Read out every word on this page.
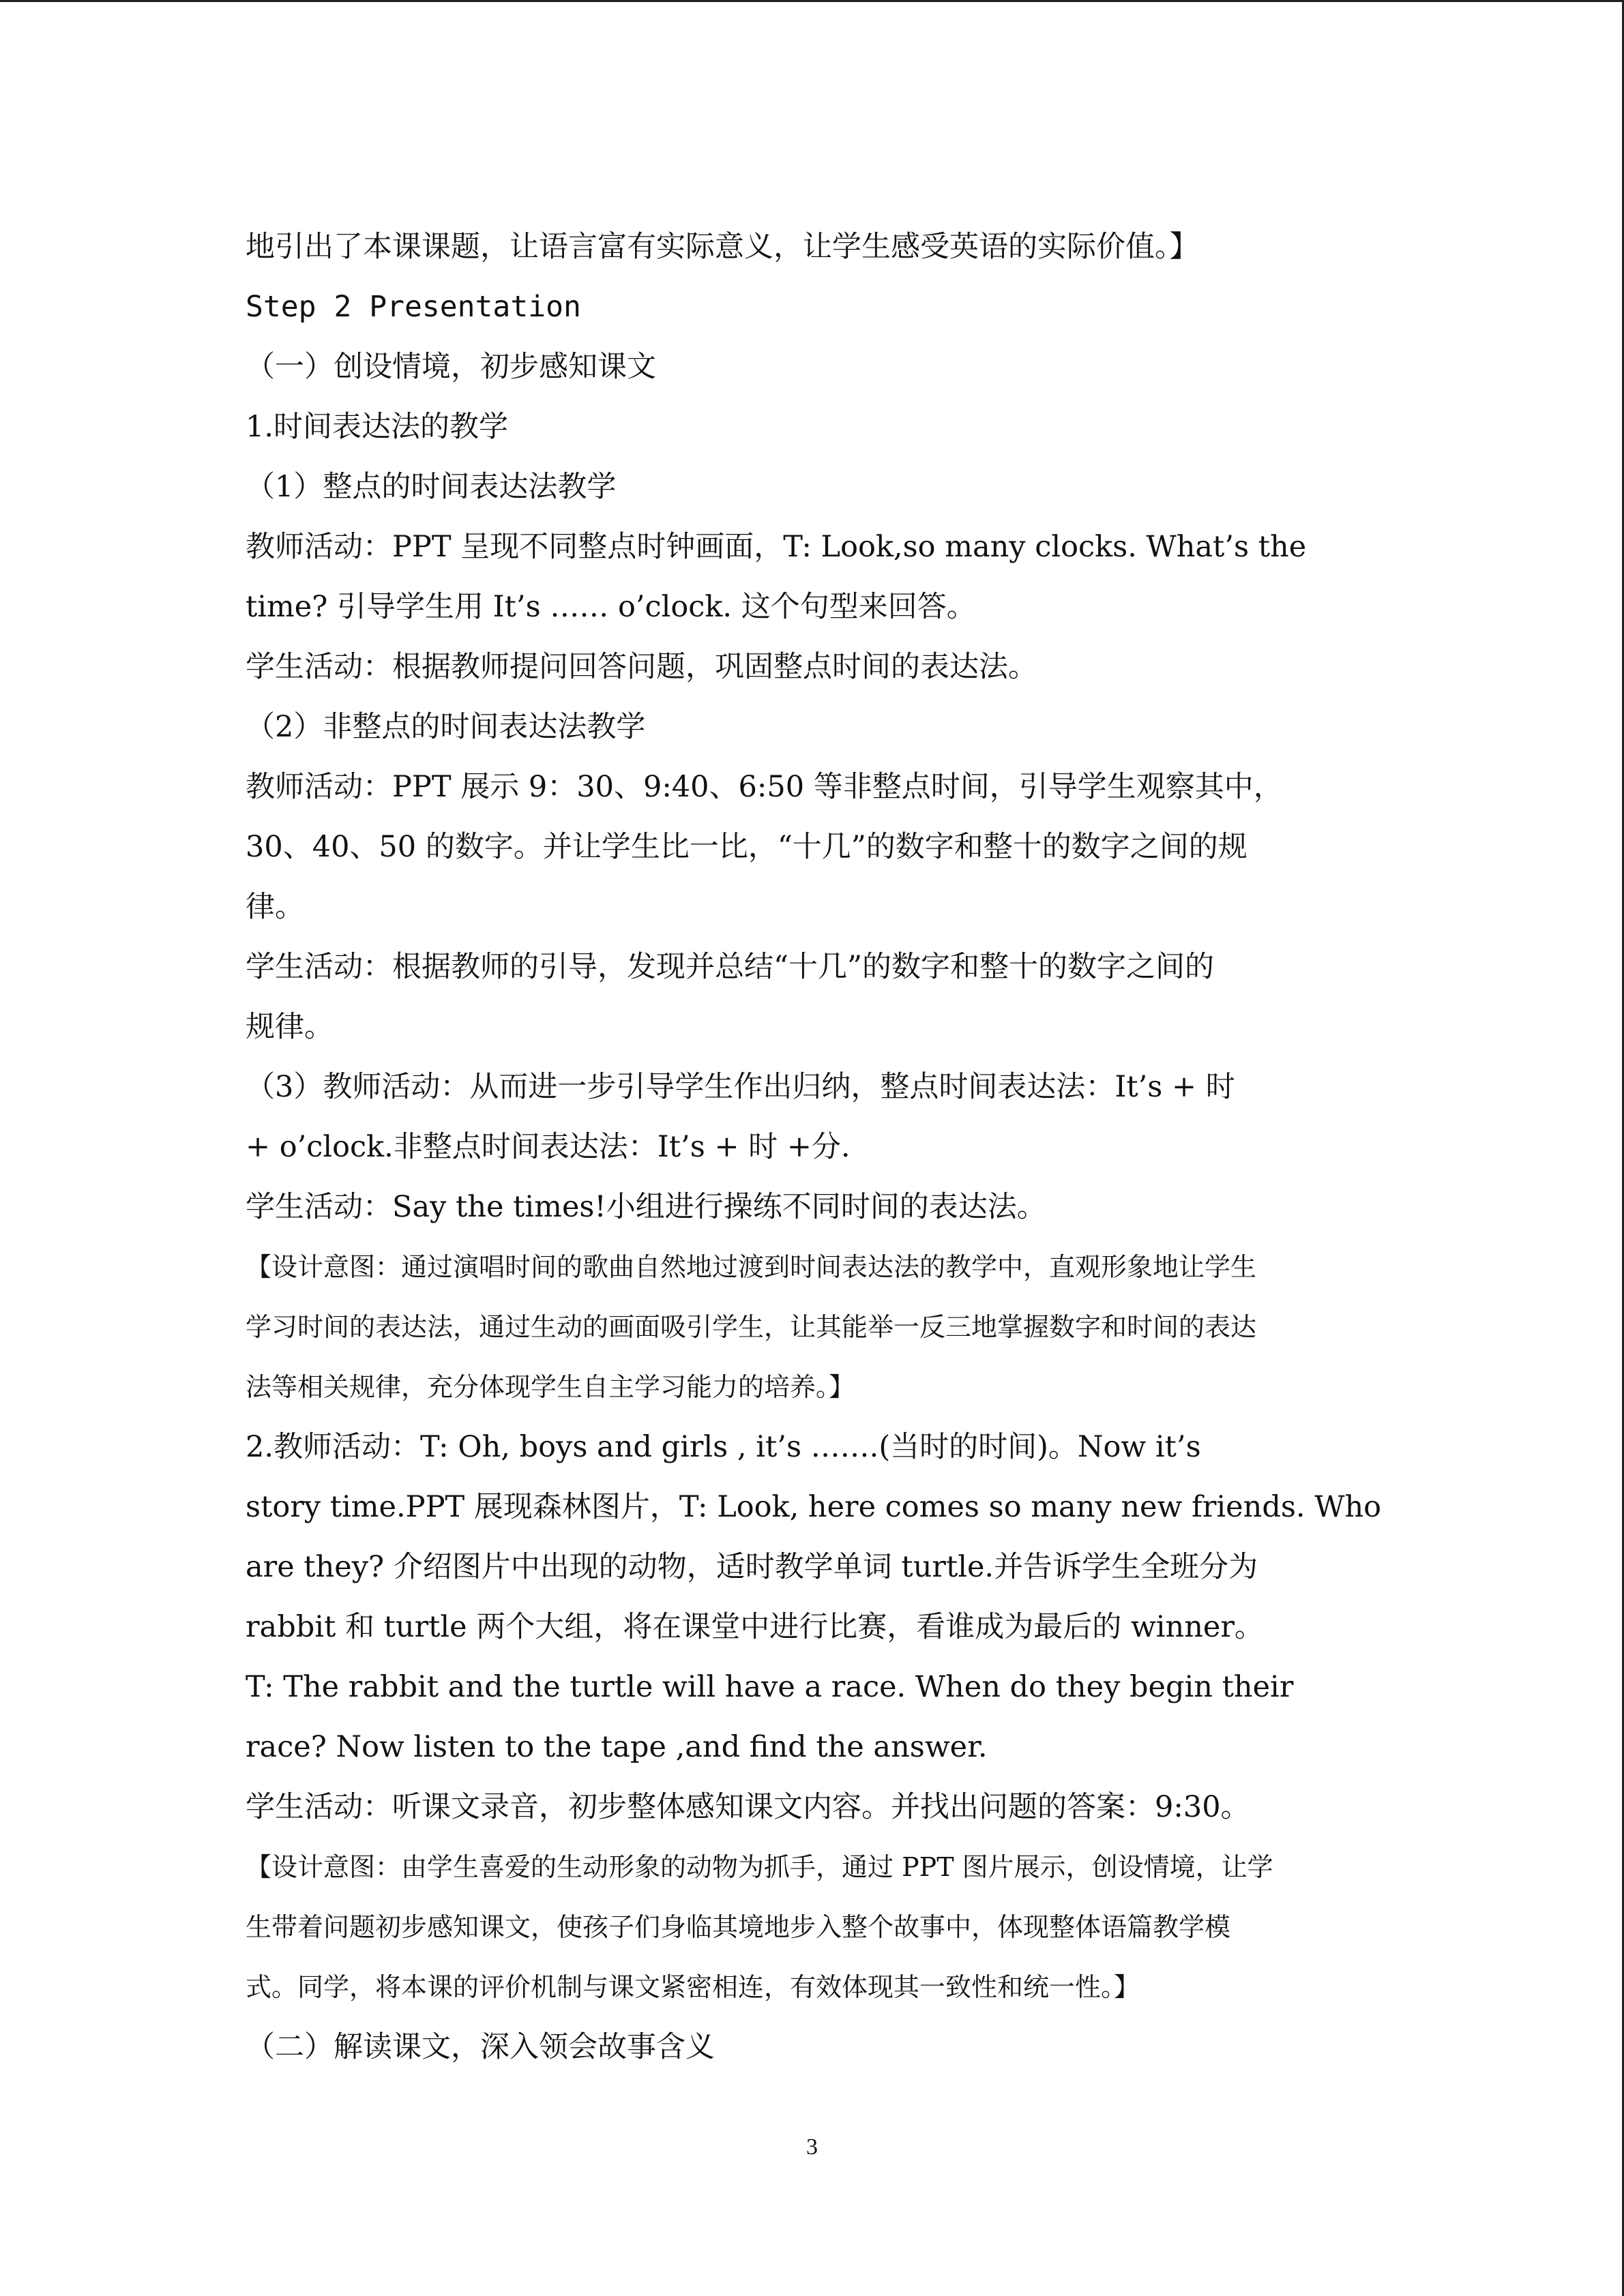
地引出了本课课题，让语言富有实际意义，让学生感受英语的实际价值。】
Step 2 Presentation
（一）创设情境，初步感知课文
1.时间表达法的教学
（1）整点的时间表达法教学
教师活动：PPT 呈现不同整点时钟画面，T: Look,so many clocks. What’s the
time? 引导学生用 It’s …… o’clock. 这个句型来回答。
学生活动：根据教师提问回答问题，巩固整点时间的表达法。
（2）非整点的时间表达法教学
教师活动：PPT 展示 9：30、9:40、6:50 等非整点时间，引导学生观察其中，
30、40、50 的数字。并让学生比一比，“十几”的数字和整十的数字之间的规
律。
学生活动：根据教师的引导，发现并总结“十几”的数字和整十的数字之间的
规律。
（3）教师活动：从而进一步引导学生作出归纳，整点时间表达法：It’s + 时
+ o’clock.非整点时间表达法：It’s + 时 +分.
学生活动：Say the times!小组进行操练不同时间的表达法。
【设计意图：通过演唱时间的歌曲自然地过渡到时间表达法的教学中，直观形象地让学生
学习时间的表达法，通过生动的画面吸引学生，让其能举一反三地掌握数字和时间的表达
法等相关规律，充分体现学生自主学习能力的培养。】
2.教师活动：T: Oh, boys and girls , it’s …….(当时的时间)。Now it’s
story time.PPT 展现森林图片，T: Look, here comes so many new friends. Who
are they? 介绍图片中出现的动物，适时教学单词 turtle.并告诉学生全班分为
rabbit 和 turtle 两个大组，将在课堂中进行比赛，看谁成为最后的 winner。
T: The rabbit and the turtle will have a race. When do they begin their
race? Now listen to the tape ,and find the answer.
学生活动：听课文录音，初步整体感知课文内容。并找出问题的答案：9:30。
【设计意图：由学生喜爱的生动形象的动物为抓手，通过 PPT 图片展示，创设情境，让学
生带着问题初步感知课文，使孩子们身临其境地步入整个故事中，体现整体语篇教学模
式。同学，将本课的评价机制与课文紧密相连，有效体现其一致性和统一性。】
（二）解读课文，深入领会故事含义
3
